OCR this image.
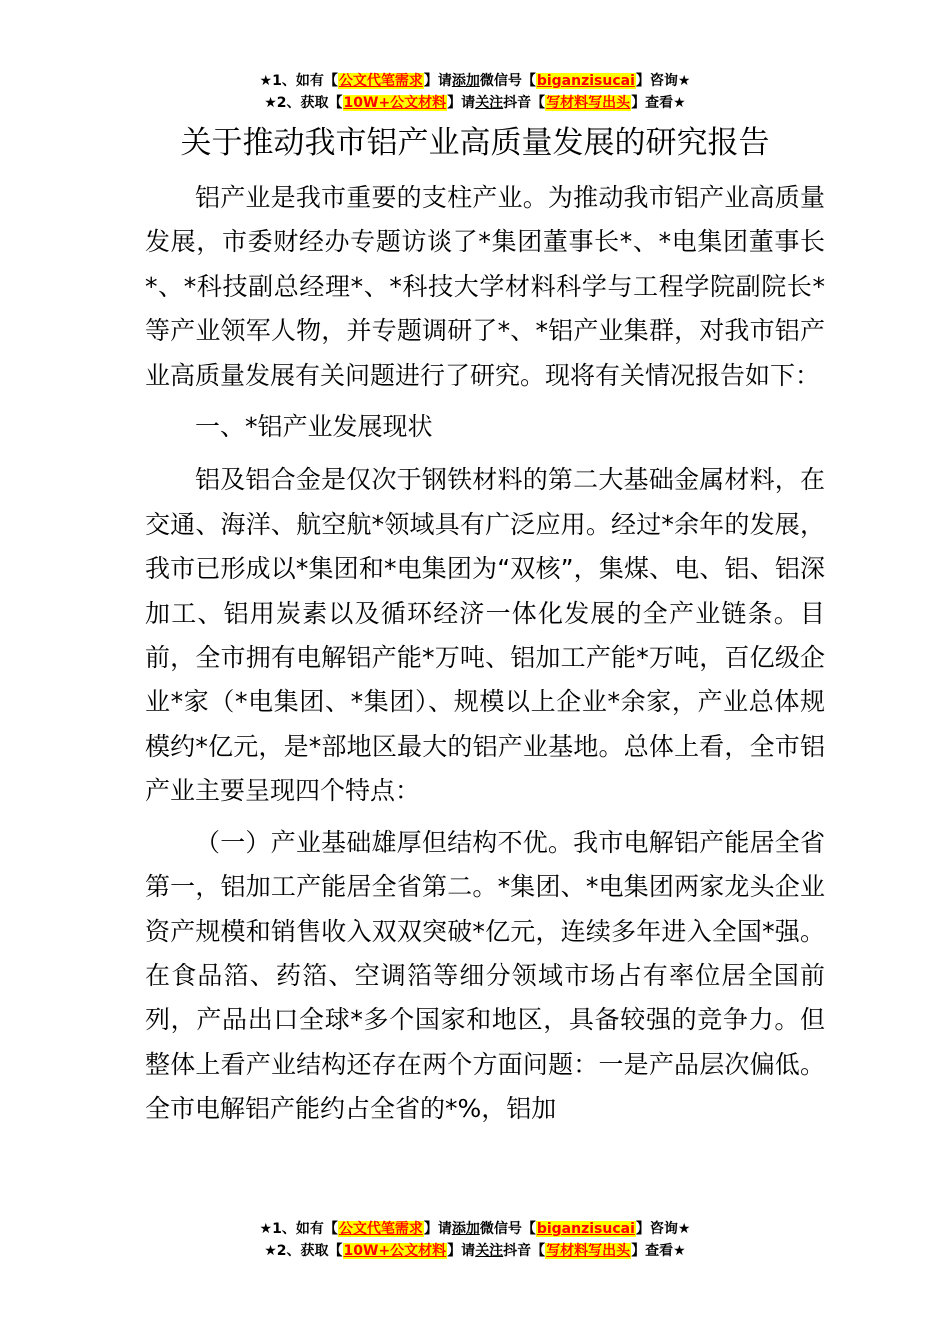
★1、如有【公文代笔需求】请添加微信号【biganzisucai】咨询★
★2、获取【10W+公文材料】请关注抖音【写材料写出头】查看★
关于推动我市铝产业高质量发展的研究报告

铝产业是我市重要的支柱产业。为推动我市铝产业高质量发展，市委财经办专题访谈了*集团董事长*、*电集团董事长*、*科技副总经理*、*科技大学材料科学与工程学院副院长*等产业领军人物，并专题调研了*、*铝产业集群，对我市铝产业高质量发展有关问题进行了研究。现将有关情况报告如下：

一、*铝产业发展现状

铝及铝合金是仅次于钢铁材料的第二大基础金属材料，在交通、海洋、航空航*领域具有广泛应用。经过*余年的发展，我市已形成以*集团和*电集团为“双核”，集煤、电、铝、铝深加工、铝用炭素以及循环经济一体化发展的全产业链条。目前，全市拥有电解铝产能*万吨、铝加工产能*万吨，百亿级企业*家（*电集团、*集团）、规模以上企业*余家，产业总体规模约*亿元，是*部地区最大的铝产业基地。总体上看，全市铝产业主要呈现四个特点：

（一）产业基础雄厚但结构不优。我市电解铝产能居全省第一，铝加工产能居全省第二。*集团、*电集团两家龙头企业资产规模和销售收入双双突破*亿元，连续多年进入全国*强。在食品箔、药箔、空调箔等细分领域市场占有率位居全国前列，产品出口全球*多个国家和地区，具备较强的竞争力。但整体上看产业结构还存在两个方面问题：一是产品层次偏低。全市电解铝产能约占全省的*%，铝加

★1、如有【公文代笔需求】请添加微信号【biganzisucai】咨询★
★2、获取【10W+公文材料】请关注抖音【写材料写出头】查看★
